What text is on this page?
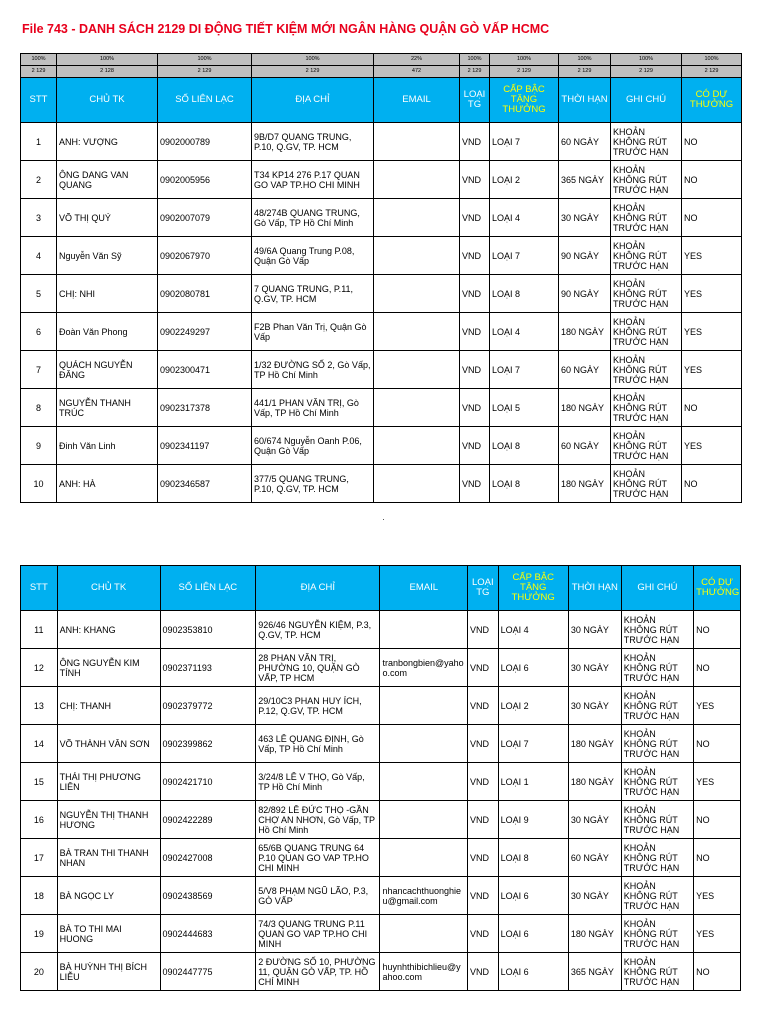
File 743 - DANH SÁCH 2129 DI ĐỘNG TIẾT KIỆM MỚI NGÂN HÀNG QUẬN GÒ VẤP HCMC
100%	100%	100%	100%	22%	100%	100%	100%	100%	100%
2 129	2 128	2 129	2 129	472	2 129	2 129	2 129	2 129	2 129
STT	CHỦ TK	SỐ LIÊN LẠC	ĐỊA CHỈ	EMAIL	LOẠI TG	CẤP BẬC TẶNG THƯỞNG	THỜI HẠN	GHI CHÚ	CÓ DỰ THƯỞNG
1	ANH: VƯỢNG	0902000789	9B/D7 QUANG TRUNG, P.10, Q.GV, TP. HCM		VND	LOẠI 7	60 NGÀY	KHOẢN KHÔNG RÚT TRƯỚC HẠN	NO
2	ÔNG DANG VAN QUANG	0902005956	T34 KP14 276 P.17 QUAN GO VAP TP.HO CHI MINH		VND	LOẠI 2	365 NGÀY	KHOẢN KHÔNG RÚT TRƯỚC HẠN	NO
3	VÕ THỊ QUÝ	0902007079	48/274B QUANG TRUNG, Gò Vấp, TP Hồ Chí Minh		VND	LOẠI 4	30 NGÀY	KHOẢN KHÔNG RÚT TRƯỚC HẠN	NO
4	Nguyễn Văn Sỹ	0902067970	49/6A Quang Trung P.08, Quận Gò Vấp		VND	LOẠI 7	90 NGÀY	KHOẢN KHÔNG RÚT TRƯỚC HẠN	YES
5	CHỊ: NHI	0902080781	7 QUANG TRUNG, P.11, Q.GV, TP. HCM		VND	LOẠI 8	90 NGÀY	KHOẢN KHÔNG RÚT TRƯỚC HẠN	YES
6	Đoàn Văn Phong	0902249297	F2B Phan Văn Trị, Quận Gò Vấp		VND	LOẠI 4	180 NGÀY	KHOẢN KHÔNG RÚT TRƯỚC HẠN	YES
7	QUÁCH NGUYỄN ĐĂNG	0902300471	1/32 ĐƯỜNG SỐ 2, Gò Vấp, TP Hồ Chí Minh		VND	LOẠI 7	60 NGÀY	KHOẢN KHÔNG RÚT TRƯỚC HẠN	YES
8	NGUYỄN THANH TRÚC	0902317378	441/1 PHAN VĂN TRỊ, Gò Vấp, TP Hồ Chí Minh		VND	LOẠI 5	180 NGÀY	KHOẢN KHÔNG RÚT TRƯỚC HẠN	NO
9	Đinh Văn Linh	0902341197	60/674 Nguyễn Oanh P.06, Quận Gò Vấp		VND	LOẠI 8	60 NGÀY	KHOẢN KHÔNG RÚT TRƯỚC HẠN	YES
10	ANH: HÀ	0902346587	377/5 QUANG TRUNG, P.10, Q.GV, TP. HCM		VND	LOẠI 8	180 NGÀY	KHOẢN KHÔNG RÚT TRƯỚC HẠN	NO
STT	CHỦ TK	SỐ LIÊN LẠC	ĐỊA CHỈ	EMAIL	LOẠI TG	CẤP BẬC TẶNG THƯỞNG	THỜI HẠN	GHI CHÚ	CÓ DỰ THƯỞNG
11	ANH: KHANG	0902353810	926/46 NGUYỄN KIỆM, P.3, Q.GV, TP. HCM		VND	LOẠI 4	30 NGÀY	KHOẢN KHÔNG RÚT TRƯỚC HẠN	NO
12	ÔNG NGUYỄN KIM TÍNH	0902371193	28 PHAN VĂN TRỊ, PHƯỜNG 10, QUẬN GÒ VẤP, TP HCM	tranbongbien@yahoo.com	VND	LOẠI 6	30 NGÀY	KHOẢN KHÔNG RÚT TRƯỚC HẠN	NO
13	CHỊ: THANH	0902379772	29/10C3 PHAN HUY ÍCH, P.12, Q.GV, TP. HCM		VND	LOẠI 2	30 NGÀY	KHOẢN KHÔNG RÚT TRƯỚC HẠN	YES
14	VÕ THÀNH VÂN SƠN	0902399862	463 LÊ QUANG ĐỊNH, Gò Vấp, TP Hồ Chí Minh		VND	LOẠI 7	180 NGÀY	KHOẢN KHÔNG RÚT TRƯỚC HẠN	NO
15	THÁI THỊ PHƯƠNG LIÊN	0902421710	3/24/8 LÊ V THỌ, Gò Vấp, TP Hồ Chí Minh		VND	LOẠI 1	180 NGÀY	KHOẢN KHÔNG RÚT TRƯỚC HẠN	YES
16	NGUYỄN THỊ THANH HƯƠNG	0902422289	82/892 LÊ ĐỨC THỌ -GẦN CHỢ AN NHƠN, Gò Vấp, TP Hồ Chí Minh		VND	LOẠI 9	30 NGÀY	KHOẢN KHÔNG RÚT TRƯỚC HẠN	NO
17	BÀ TRAN THI THANH NHAN	0902427008	65/6B QUANG TRUNG 64 P.10 QUAN GO VAP TP.HO CHI MINH		VND	LOẠI 8	60 NGÀY	KHOẢN KHÔNG RÚT TRƯỚC HẠN	NO
18	BÀ NGỌC LY	0902438569	5/V8 PHẠM NGŨ LÃO, P.3, GÒ VẤP	nhancachthuonghieu@gmail.com	VND	LOẠI 6	30 NGÀY	KHOẢN KHÔNG RÚT TRƯỚC HẠN	YES
19	BÀ TO THI MAI HUONG	0902444683	74/3 QUANG TRUNG P.11 QUAN GO VAP TP.HO CHI MINH		VND	LOẠI 6	180 NGÀY	KHOẢN KHÔNG RÚT TRƯỚC HẠN	YES
20	BÀ HUỲNH THỊ BÍCH LIỄU	0902447775	2 ĐƯỜNG SỐ 10, PHƯỜNG 11, QUẬN GÒ VẤP, TP. HỒ CHÍ MINH	huynhthibichlieu@yahoo.com	VND	LOẠI 6	365 NGÀY	KHOẢN KHÔNG RÚT TRƯỚC HẠN	NO
